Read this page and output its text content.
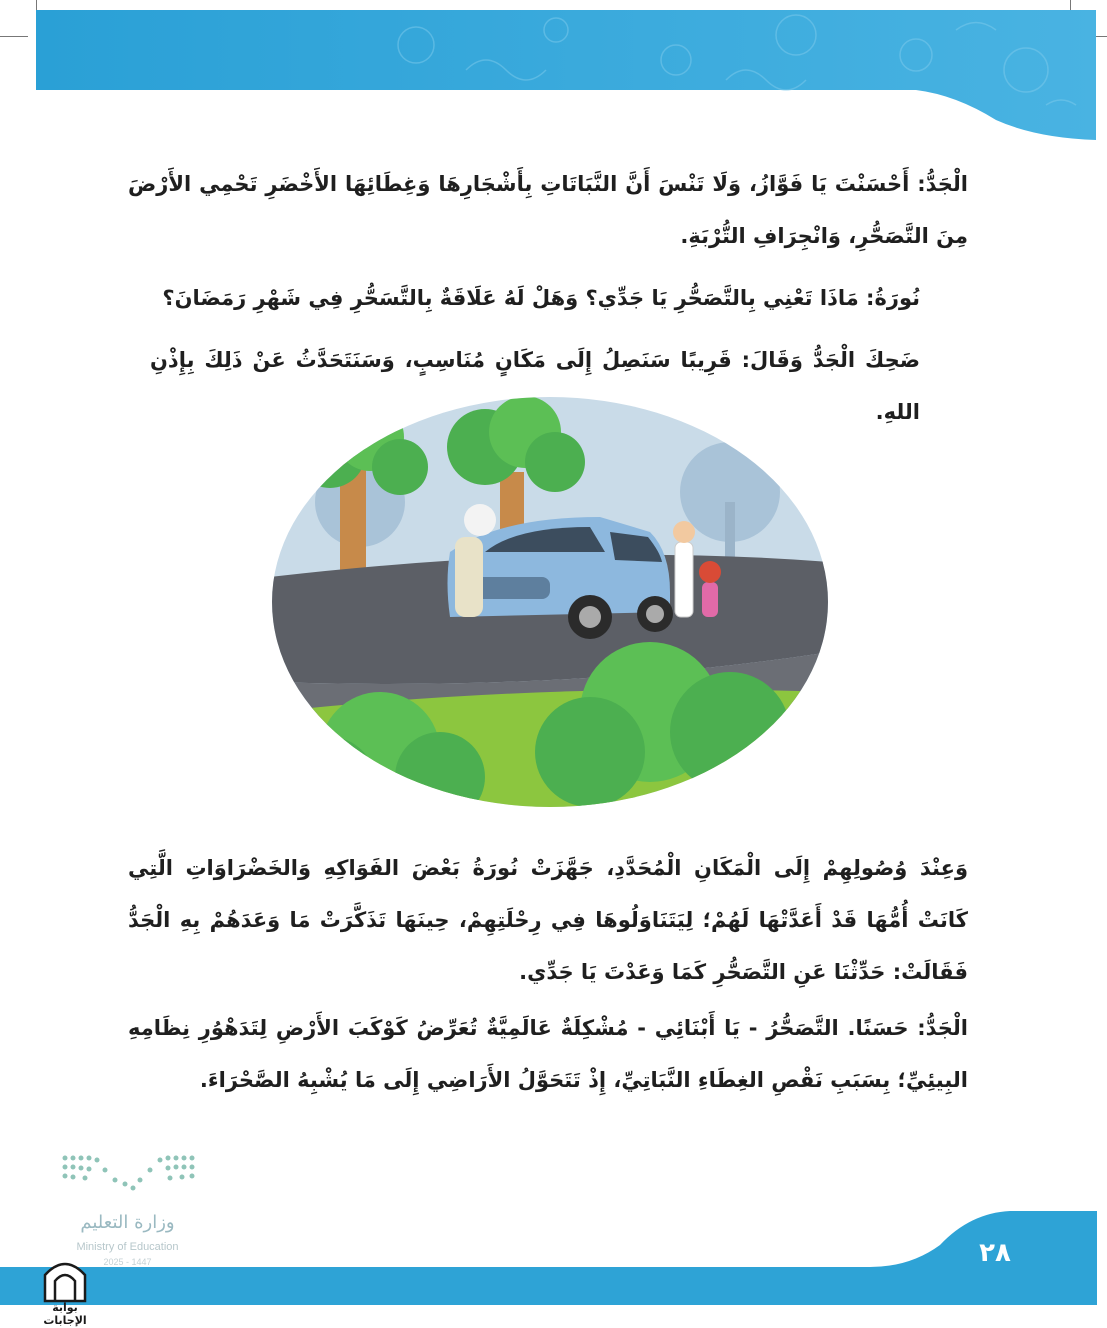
الْجَدُّ: أَحْسَنْتَ يَا فَوَّازُ، وَلَا تَنْسَ أَنَّ النَّبَاتَاتِ بِأَشْجَارِهَا وَغِطَائِهَا الأَخْضَرِ تَحْمِي الأَرْضَ مِنَ التَّصَحُّرِ، وَانْجِرَافِ التُّرْبَةِ.
نُورَةُ: مَاذَا تَعْنِي بِالتَّصَحُّرِ يَا جَدِّي؟ وَهَلْ لَهُ عَلَاقَةٌ بِالتَّسَحُّرِ فِي شَهْرِ رَمَضَانَ؟
ضَحِكَ الْجَدُّ وَقَالَ: قَرِيبًا سَنَصِلُ إِلَى مَكَانٍ مُنَاسِبٍ، وَسَنَتَحَدَّثُ عَنْ ذَلِكَ بِإِذْنِ اللهِ.
وَعِنْدَ وُصُولِهِمْ إِلَى الْمَكَانِ الْمُحَدَّدِ، جَهَّزَتْ نُورَةُ بَعْضَ الفَوَاكِهِ وَالخَضْرَاوَاتِ الَّتِي كَانَتْ أُمُّهَا قَدْ أَعَدَّتْهَا لَهُمْ؛ لِيَتَنَاوَلُوهَا فِي رِحْلَتِهِمْ، حِينَهَا تَذَكَّرَتْ مَا وَعَدَهُمْ بِهِ الْجَدُّ فَقَالَتْ: حَدِّثْنَا عَنِ التَّصَحُّرِ كَمَا وَعَدْتَ يَا جَدِّي.
الْجَدُّ: حَسَنًا. التَّصَحُّرُ - يَا أَبْنَائِي - مُشْكِلَةٌ عَالَمِيَّةٌ تُعَرِّضُ كَوْكَبَ الأَرْضِ لِتَدَهْوُرِ نِظَامِهِ البِيئِيِّ؛ بِسَبَبِ نَقْصِ الغِطَاءِ النَّبَاتِيِّ، إِذْ تَتَحَوَّلُ الأَرَاضِي إِلَى مَا يُشْبِهُ الصَّحْرَاءَ.
وزارة التعليم
Ministry of Education
2025 - 1447	٢٨
بوابة الإجابات
